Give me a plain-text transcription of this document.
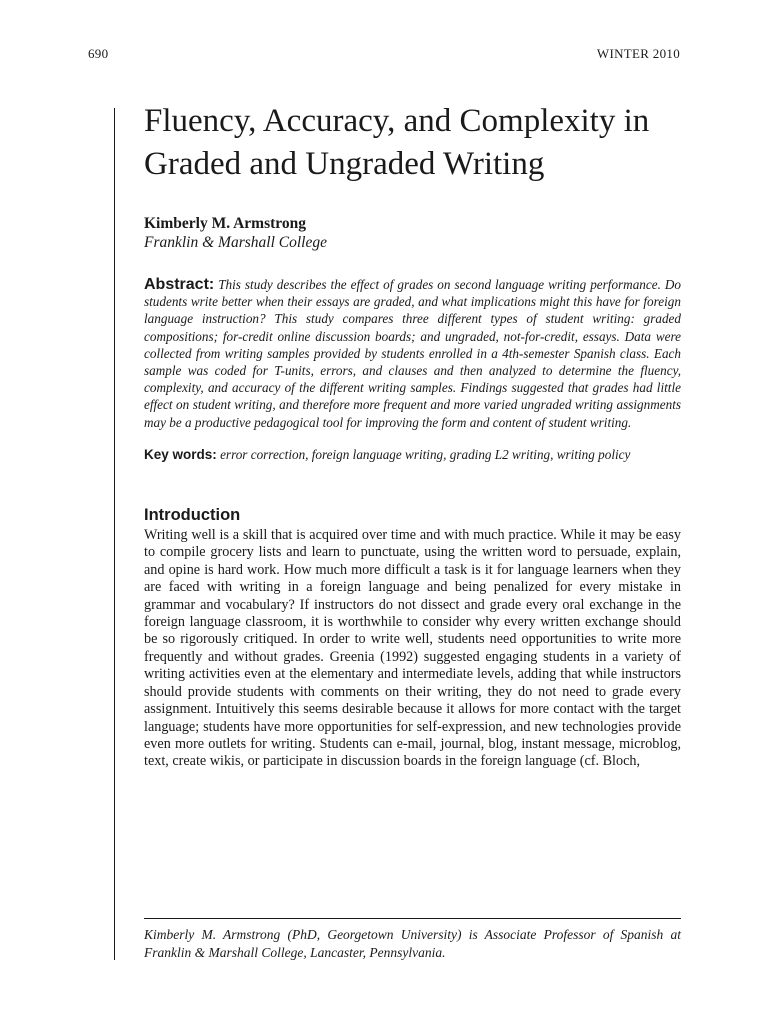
690	WINTER 2010
Fluency, Accuracy, and Complexity in Graded and Ungraded Writing
Kimberly M. Armstrong
Franklin & Marshall College
Abstract: This study describes the effect of grades on second language writing performance. Do students write better when their essays are graded, and what implications might this have for foreign language instruction? This study compares three different types of student writing: graded compositions; for-credit online discussion boards; and ungraded, not-for-credit, essays. Data were collected from writing samples provided by students enrolled in a 4th-semester Spanish class. Each sample was coded for T-units, errors, and clauses and then analyzed to determine the fluency, complexity, and accuracy of the different writing samples. Findings suggested that grades had little effect on student writing, and therefore more frequent and more varied ungraded writing assignments may be a productive pedagogical tool for improving the form and content of student writing.
Key words: error correction, foreign language writing, grading L2 writing, writing policy
Introduction

Writing well is a skill that is acquired over time and with much practice. While it may be easy to compile grocery lists and learn to punctuate, using the written word to persuade, explain, and opine is hard work. How much more difficult a task is it for language learners when they are faced with writing in a foreign language and being penalized for every mistake in grammar and vocabulary? If instructors do not dissect and grade every oral exchange in the foreign language classroom, it is worthwhile to consider why every written exchange should be so rigorously critiqued. In order to write well, students need opportunities to write more frequently and without grades. Greenia (1992) suggested engaging students in a variety of writing activities even at the elementary and intermediate levels, adding that while instructors should provide students with comments on their writing, they do not need to grade every assignment. Intuitively this seems desirable because it allows for more contact with the target language; students have more opportunities for self-expression, and new technologies provide even more outlets for writing. Students can e-mail, journal, blog, instant message, microblog, text, create wikis, or participate in discussion boards in the foreign language (cf. Bloch,

Kimberly M. Armstrong (PhD, Georgetown University) is Associate Professor of Spanish at Franklin & Marshall College, Lancaster, Pennsylvania.
